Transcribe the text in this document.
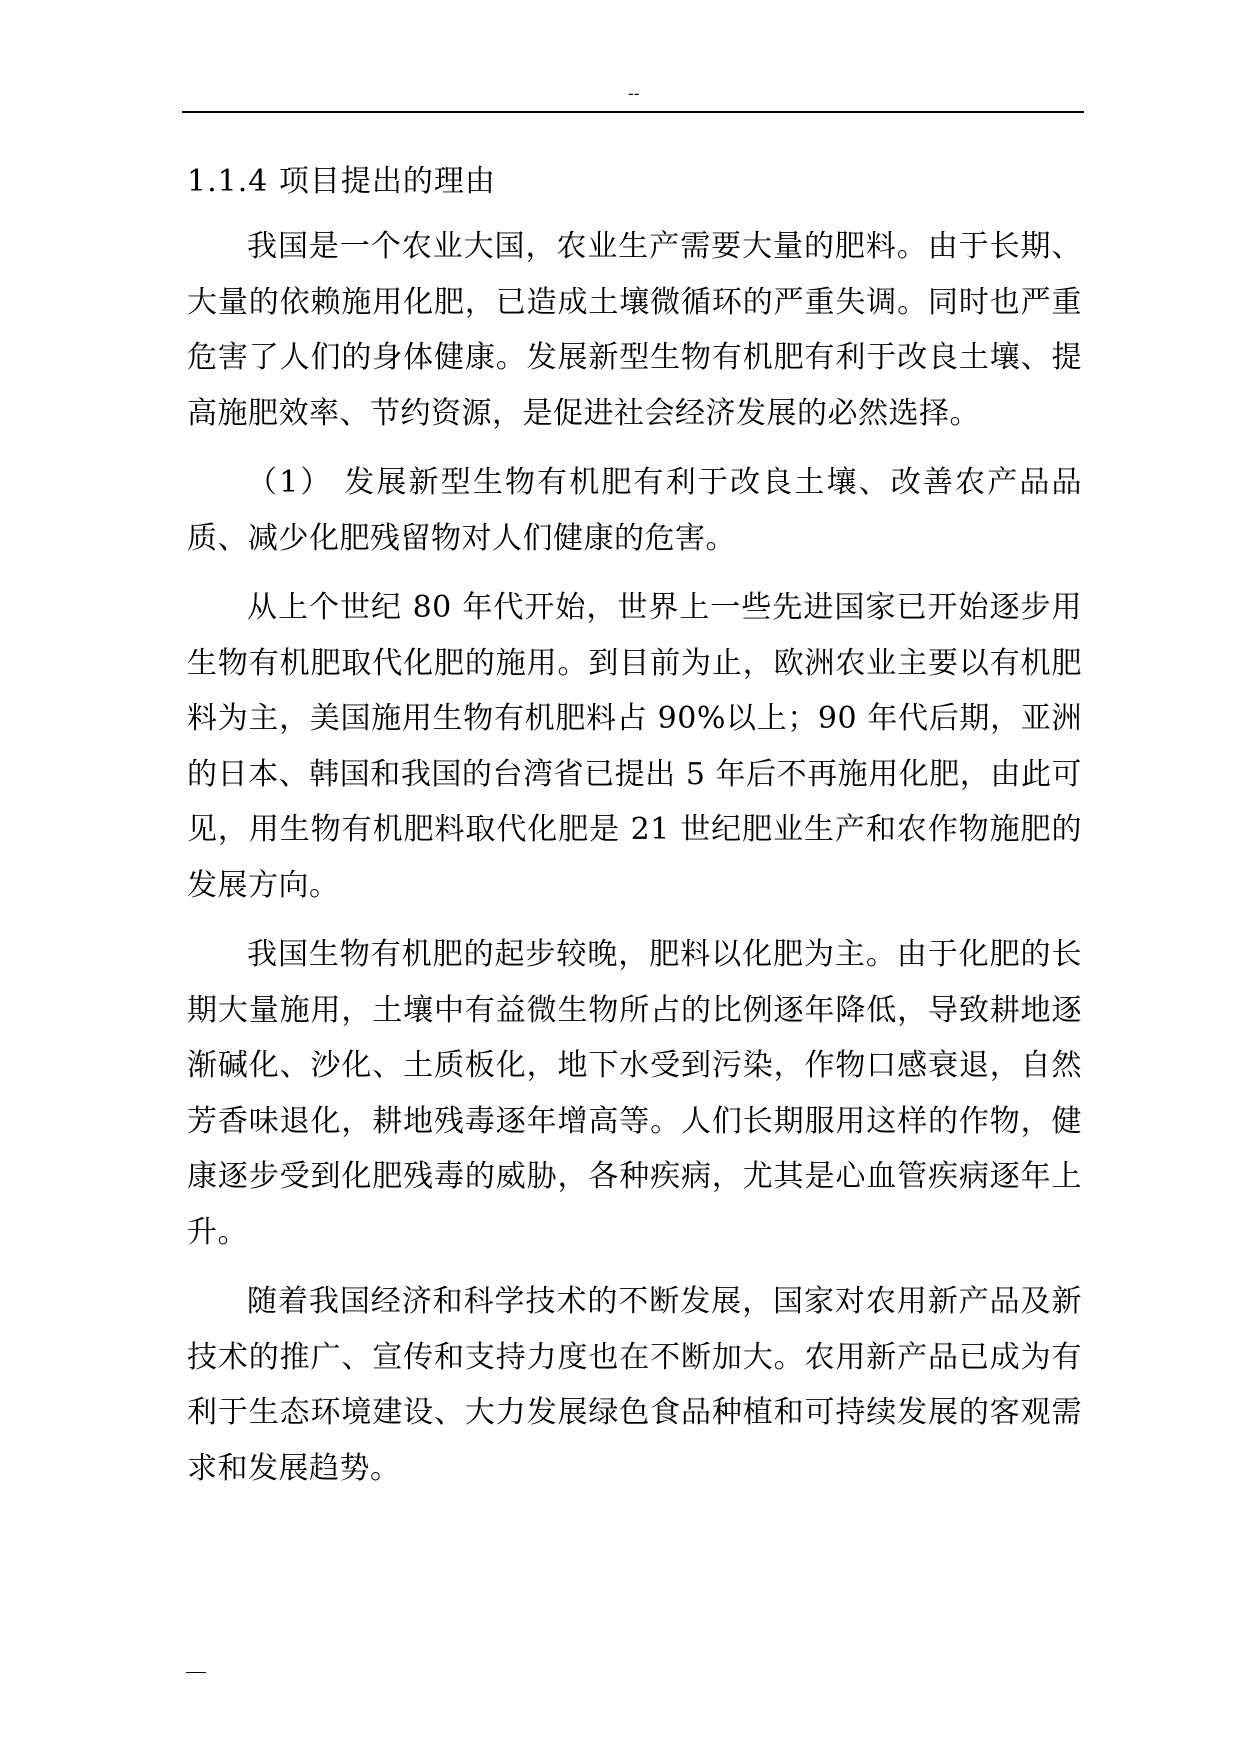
--
1.1.4 项目提出的理由

我国是一个农业大国，农业生产需要大量的肥料。由于长期、大量的依赖施用化肥，已造成土壤微循环的严重失调。同时也严重危害了人们的身体健康。发展新型生物有机肥有利于改良土壤、提高施肥效率、节约资源，是促进社会经济发展的必然选择。

（1） 发展新型生物有机肥有利于改良土壤、改善农产品品质、减少化肥残留物对人们健康的危害。

从上个世纪 80 年代开始，世界上一些先进国家已开始逐步用生物有机肥取代化肥的施用。到目前为止，欧洲农业主要以有机肥料为主，美国施用生物有机肥料占 90%以上；90 年代后期，亚洲的日本、韩国和我国的台湾省已提出 5 年后不再施用化肥，由此可见，用生物有机肥料取代化肥是 21 世纪肥业生产和农作物施肥的发展方向。

我国生物有机肥的起步较晚，肥料以化肥为主。由于化肥的长期大量施用，土壤中有益微生物所占的比例逐年降低，导致耕地逐渐碱化、沙化、土质板化，地下水受到污染，作物口感衰退，自然芳香味退化，耕地残毒逐年增高等。人们长期服用这样的作物，健康逐步受到化肥残毒的威胁，各种疾病，尤其是心血管疾病逐年上升。

随着我国经济和科学技术的不断发展，国家对农用新产品及新技术的推广、宣传和支持力度也在不断加大。农用新产品已成为有利于生态环境建设、大力发展绿色食品种植和可持续发展的客观需求和发展趋势。
